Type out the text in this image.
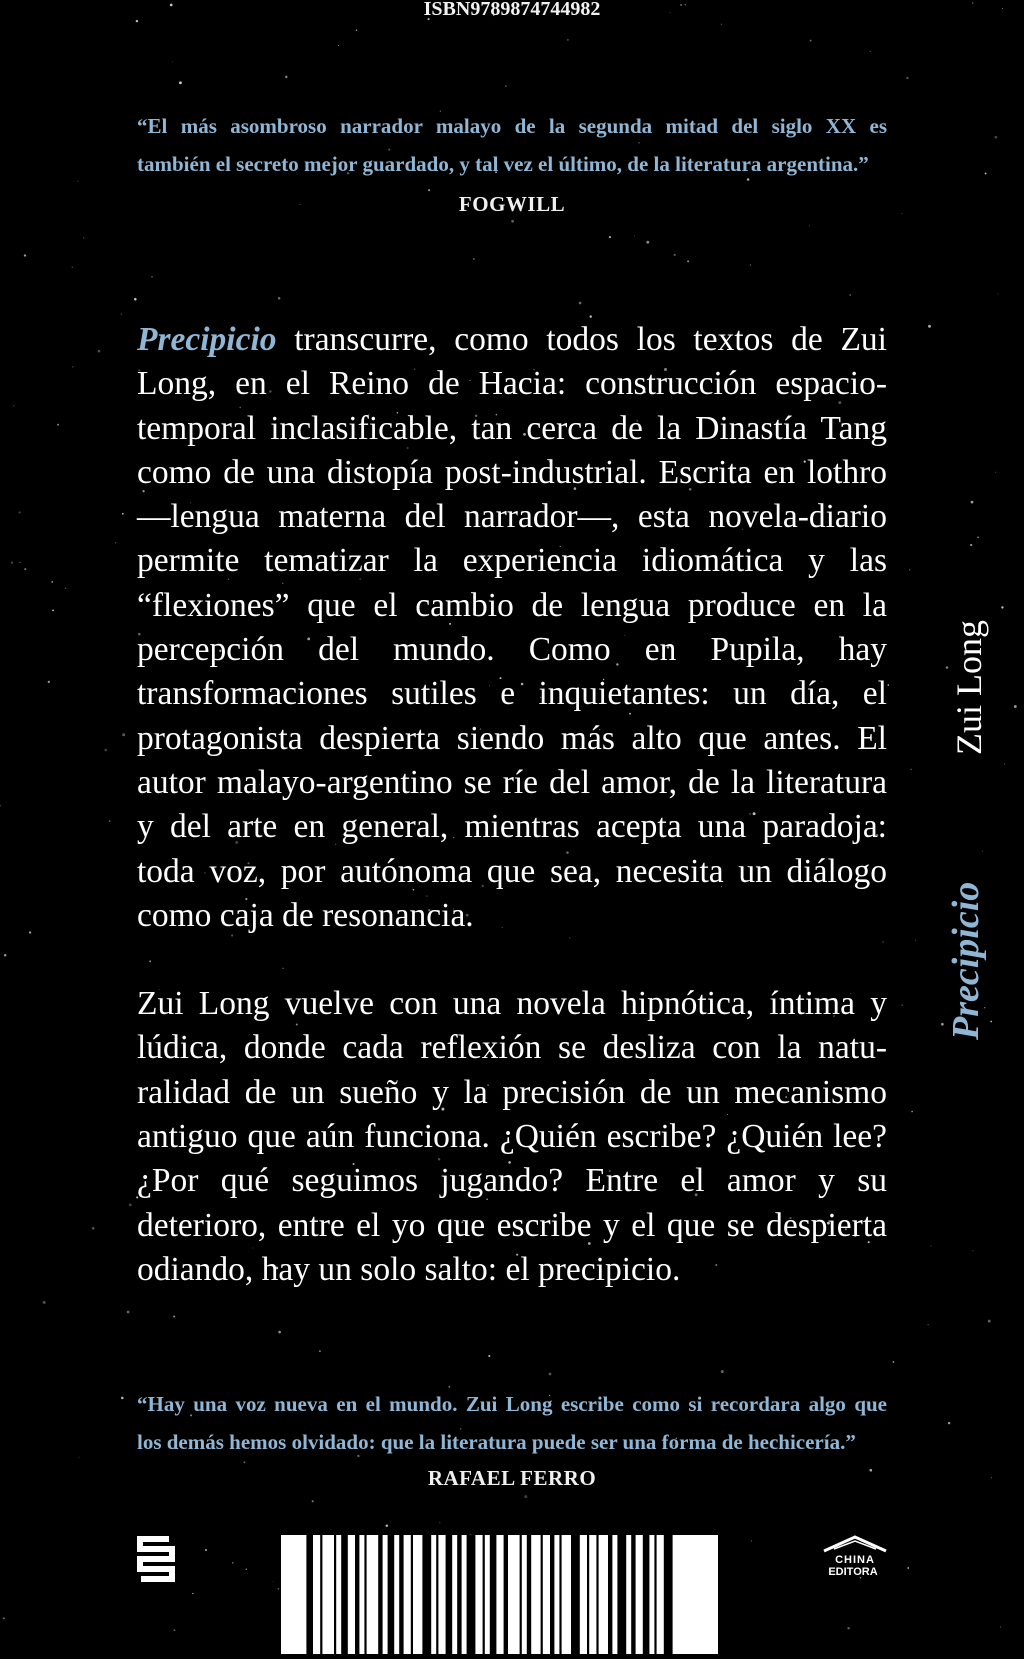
ISBN9789874744982
“El más asombroso narrador malayo de la segunda mitad del siglo XX es
también el secreto mejor guardado, y tal vez el último, de la literatura argentina.”
FOGWILL

Precipicio transcurre, como todos los textos de Zui Long, en el Reino de Hacia: construcción espacio-temporal inclasificable, tan cerca de la Dinastía Tang como de una distopía post-industrial. Escrita en lothro —lengua materna del narrador—, esta novela-diario permite tematizar la experiencia idiomática y las “flexiones” que el cambio de lengua produce en la percepción del mundo. Como en Pupila, hay transformaciones sutiles e inquietantes: un día, el protagonista despierta siendo más alto que antes. El autor malayo-argentino se ríe del amor, de la literatura y del arte en general, mientras acepta una paradoja: toda voz, por autónoma que sea, necesita un diálogo como caja de resonancia.

Zui Long vuelve con una novela hipnótica, íntima y lúdica, donde cada reflexión se desliza con la naturalidad de un sueño y la precisión de un mecanismo antiguo que aún funciona. ¿Quién escribe? ¿Quién lee? ¿Por qué seguimos jugando? Entre el amor y su deterioro, entre el yo que escribe y el que se despierta odiando, hay un solo salto: el precipicio.

“Hay una voz nueva en el mundo. Zui Long escribe como si recordara algo que
los demás hemos olvidado: que la literatura puede ser una forma de hechicería.”
RAFAEL FERRO
Zui Long
Precipicio
CHINA
EDITORA
